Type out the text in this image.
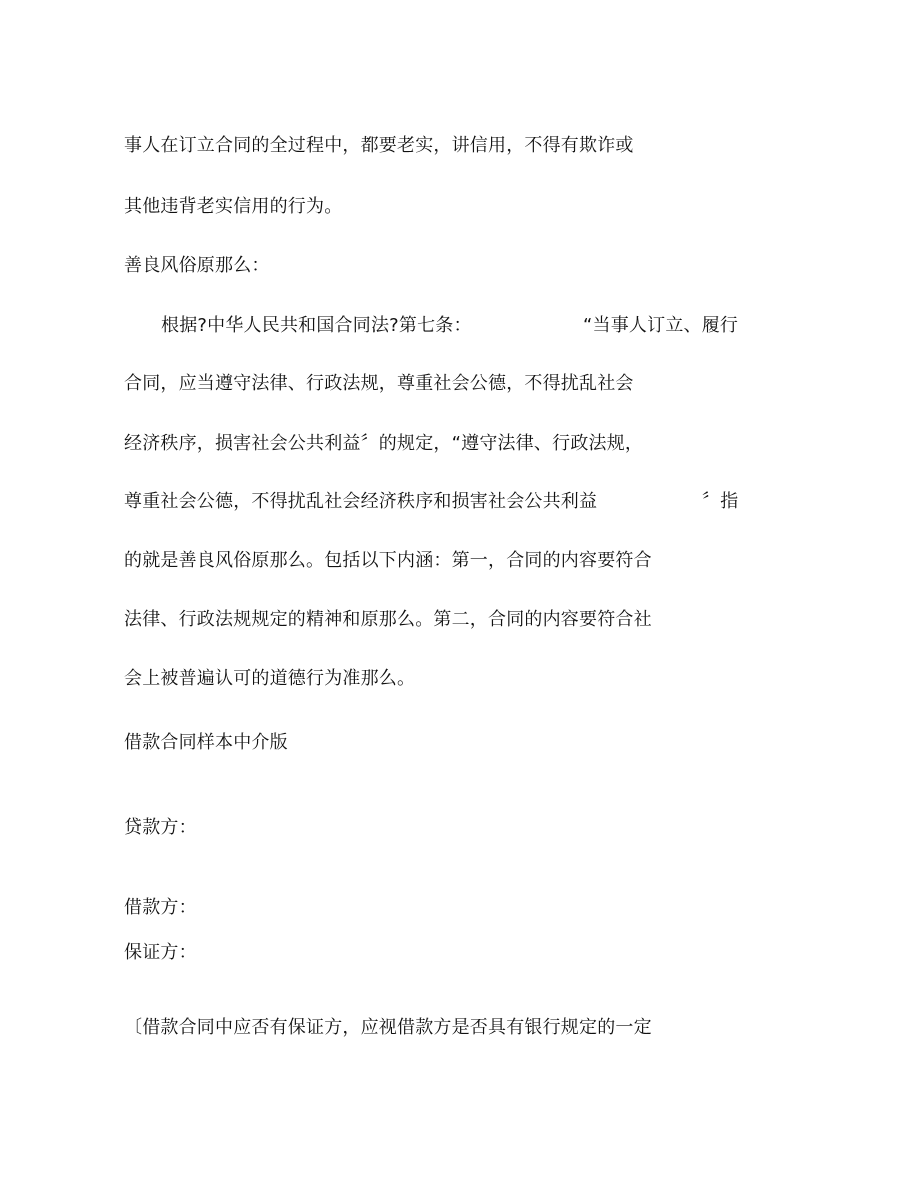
事人在订立合同的全过程中，都要老实，讲信用，不得有欺诈或
其他违背老实信用的行为。
善良风俗原那么：
根据?中华人民共和国合同法?第七条：	“当事人订立、履行
合同，应当遵守法律、行政法规，尊重社会公德，不得扰乱社会
经济秩序，损害社会公共利益〞的规定，“遵守法律、行政法规，
尊重社会公德，不得扰乱社会经济秩序和损害社会公共利益	〞指
的就是善良风俗原那么。包括以下内涵：第一，合同的内容要符合
法律、行政法规规定的精神和原那么。第二，合同的内容要符合社
会上被普遍认可的道德行为准那么。
借款合同样本中介版
贷款方：
借款方：
保证方：
〔借款合同中应否有保证方，应视借款方是否具有银行规定的一定
